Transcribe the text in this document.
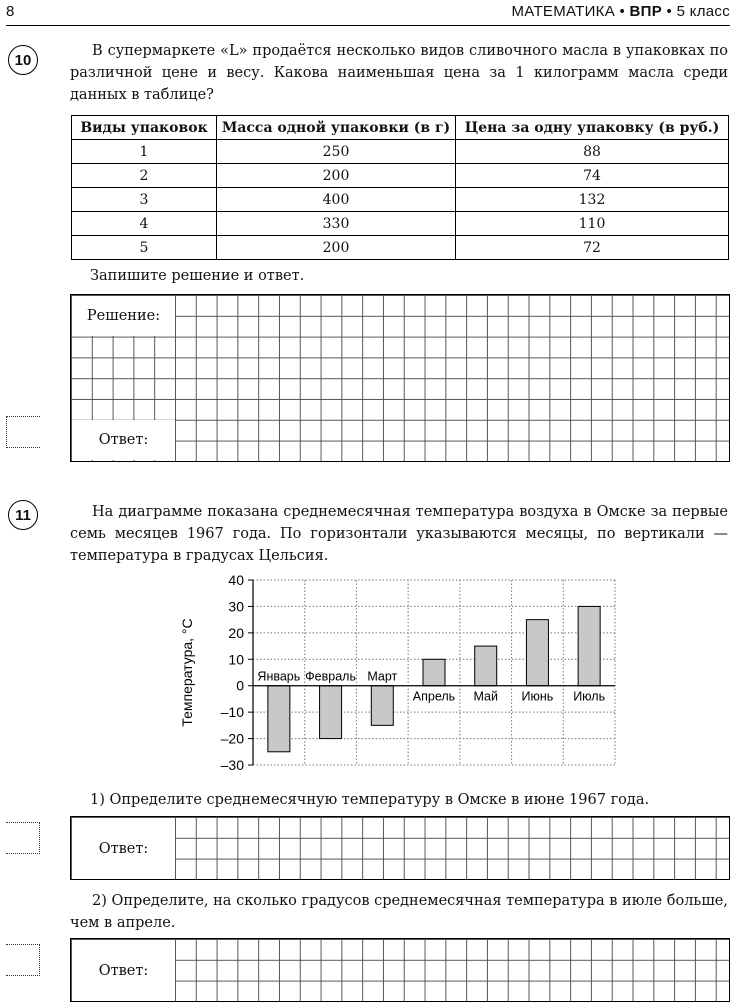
8	МАТЕМАТИКА • ВПР • 5 класс
10
В супермаркете «L» продаётся несколько видов сливочного масла в упаковках по различной цене и весу. Какова наименьшая цена за 1 килограмм масла среди данных в таблице?
Виды упаковок	Масса одной упаковки (в г)	Цена за одну упаковку (в руб.)
1	250	88
2	200	74
3	400	132
4	330	110
5	200	72
Запишите решение и ответ.
Решение:
Ответ:
11	На диаграмме показана среднемесячная температура воздуха в Омске за первые семь месяцев 1967 года. По горизонтали указываются месяцы, по вертикали — температура в градусах Цельсия.
40
30
20
10
0
–10
–20
–30
Январь Февраль Март
Апрель Май Июнь Июль
Температура, °С
1) Определите среднемесячную температуру в Омске в июне 1967 года.
Ответ:
2) Определите, на сколько градусов среднемесячная температура в июле больше, чем в апреле.
Ответ:
